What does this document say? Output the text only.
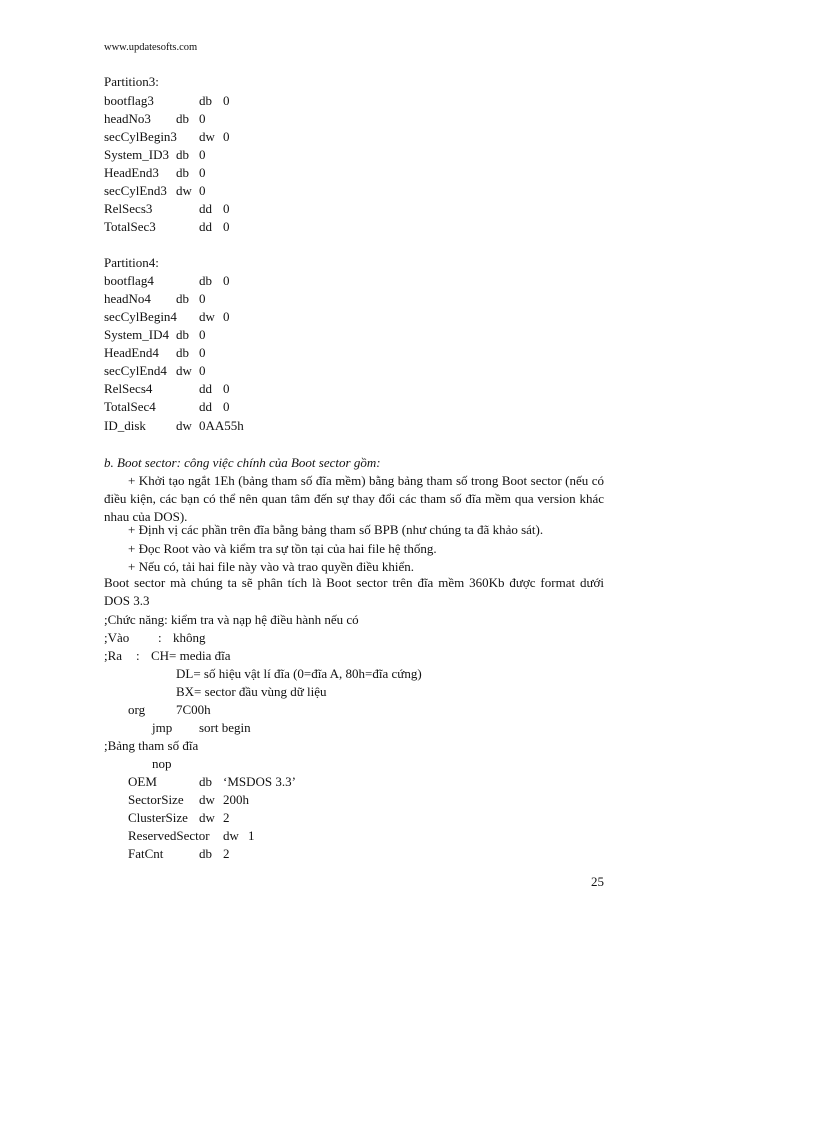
www.updatesofts.com
Partition3:
bootflag3	db 0
headNo3 db 0
secCylBegin3 dw 0
System_ID3 db 0
HeadEnd3 db 0
secCylEnd3 dw 0
RelSecs3	dd 0
TotalSec3	dd 0
Partition4:
bootflag4	db 0
headNo4 db 0
secCylBegin4 dw 0
System_ID4 db 0
HeadEnd4 db 0
secCylEnd4 dw 0
RelSecs4	dd 0
TotalSec4	dd 0
ID_disk dw 0AA55h
b. Boot sector: công việc chính của Boot sector gồm:
+ Khởi tạo ngắt 1Eh (bảng tham số đĩa mềm) bằng bảng tham số trong Boot sector (nếu có điều kiện, các bạn có thể nên quan tâm đến sự thay đổi các tham số đĩa mềm qua version khác nhau của DOS).
+ Định vị các phần trên đĩa bằng bảng tham số BPB (như chúng ta đã khảo sát).
+ Đọc Root vào và kiểm tra sự tồn tại của hai file hệ thống.
+ Nếu có, tải hai file này vào và trao quyền điều khiển.
Boot sector mà chúng ta sẽ phân tích là Boot sector trên đĩa mềm 360Kb được format dưới DOS 3.3
;Chức năng: kiểm tra và nạp hệ điều hành nếu có
;Vào : không
;Ra : CH= media đĩa
DL= số hiệu vật lí đĩa (0=đĩa A, 80h=đĩa cứng)
BX= sector đầu vùng dữ liệu
org 7C00h
jmp sort begin
;Bảng tham số đĩa
nop
OEM	db ‘MSDOS 3.3’
SectorSize dw 200h
ClusterSize dw 2
ReservedSector dw 1
FatCnt	db 2
25
